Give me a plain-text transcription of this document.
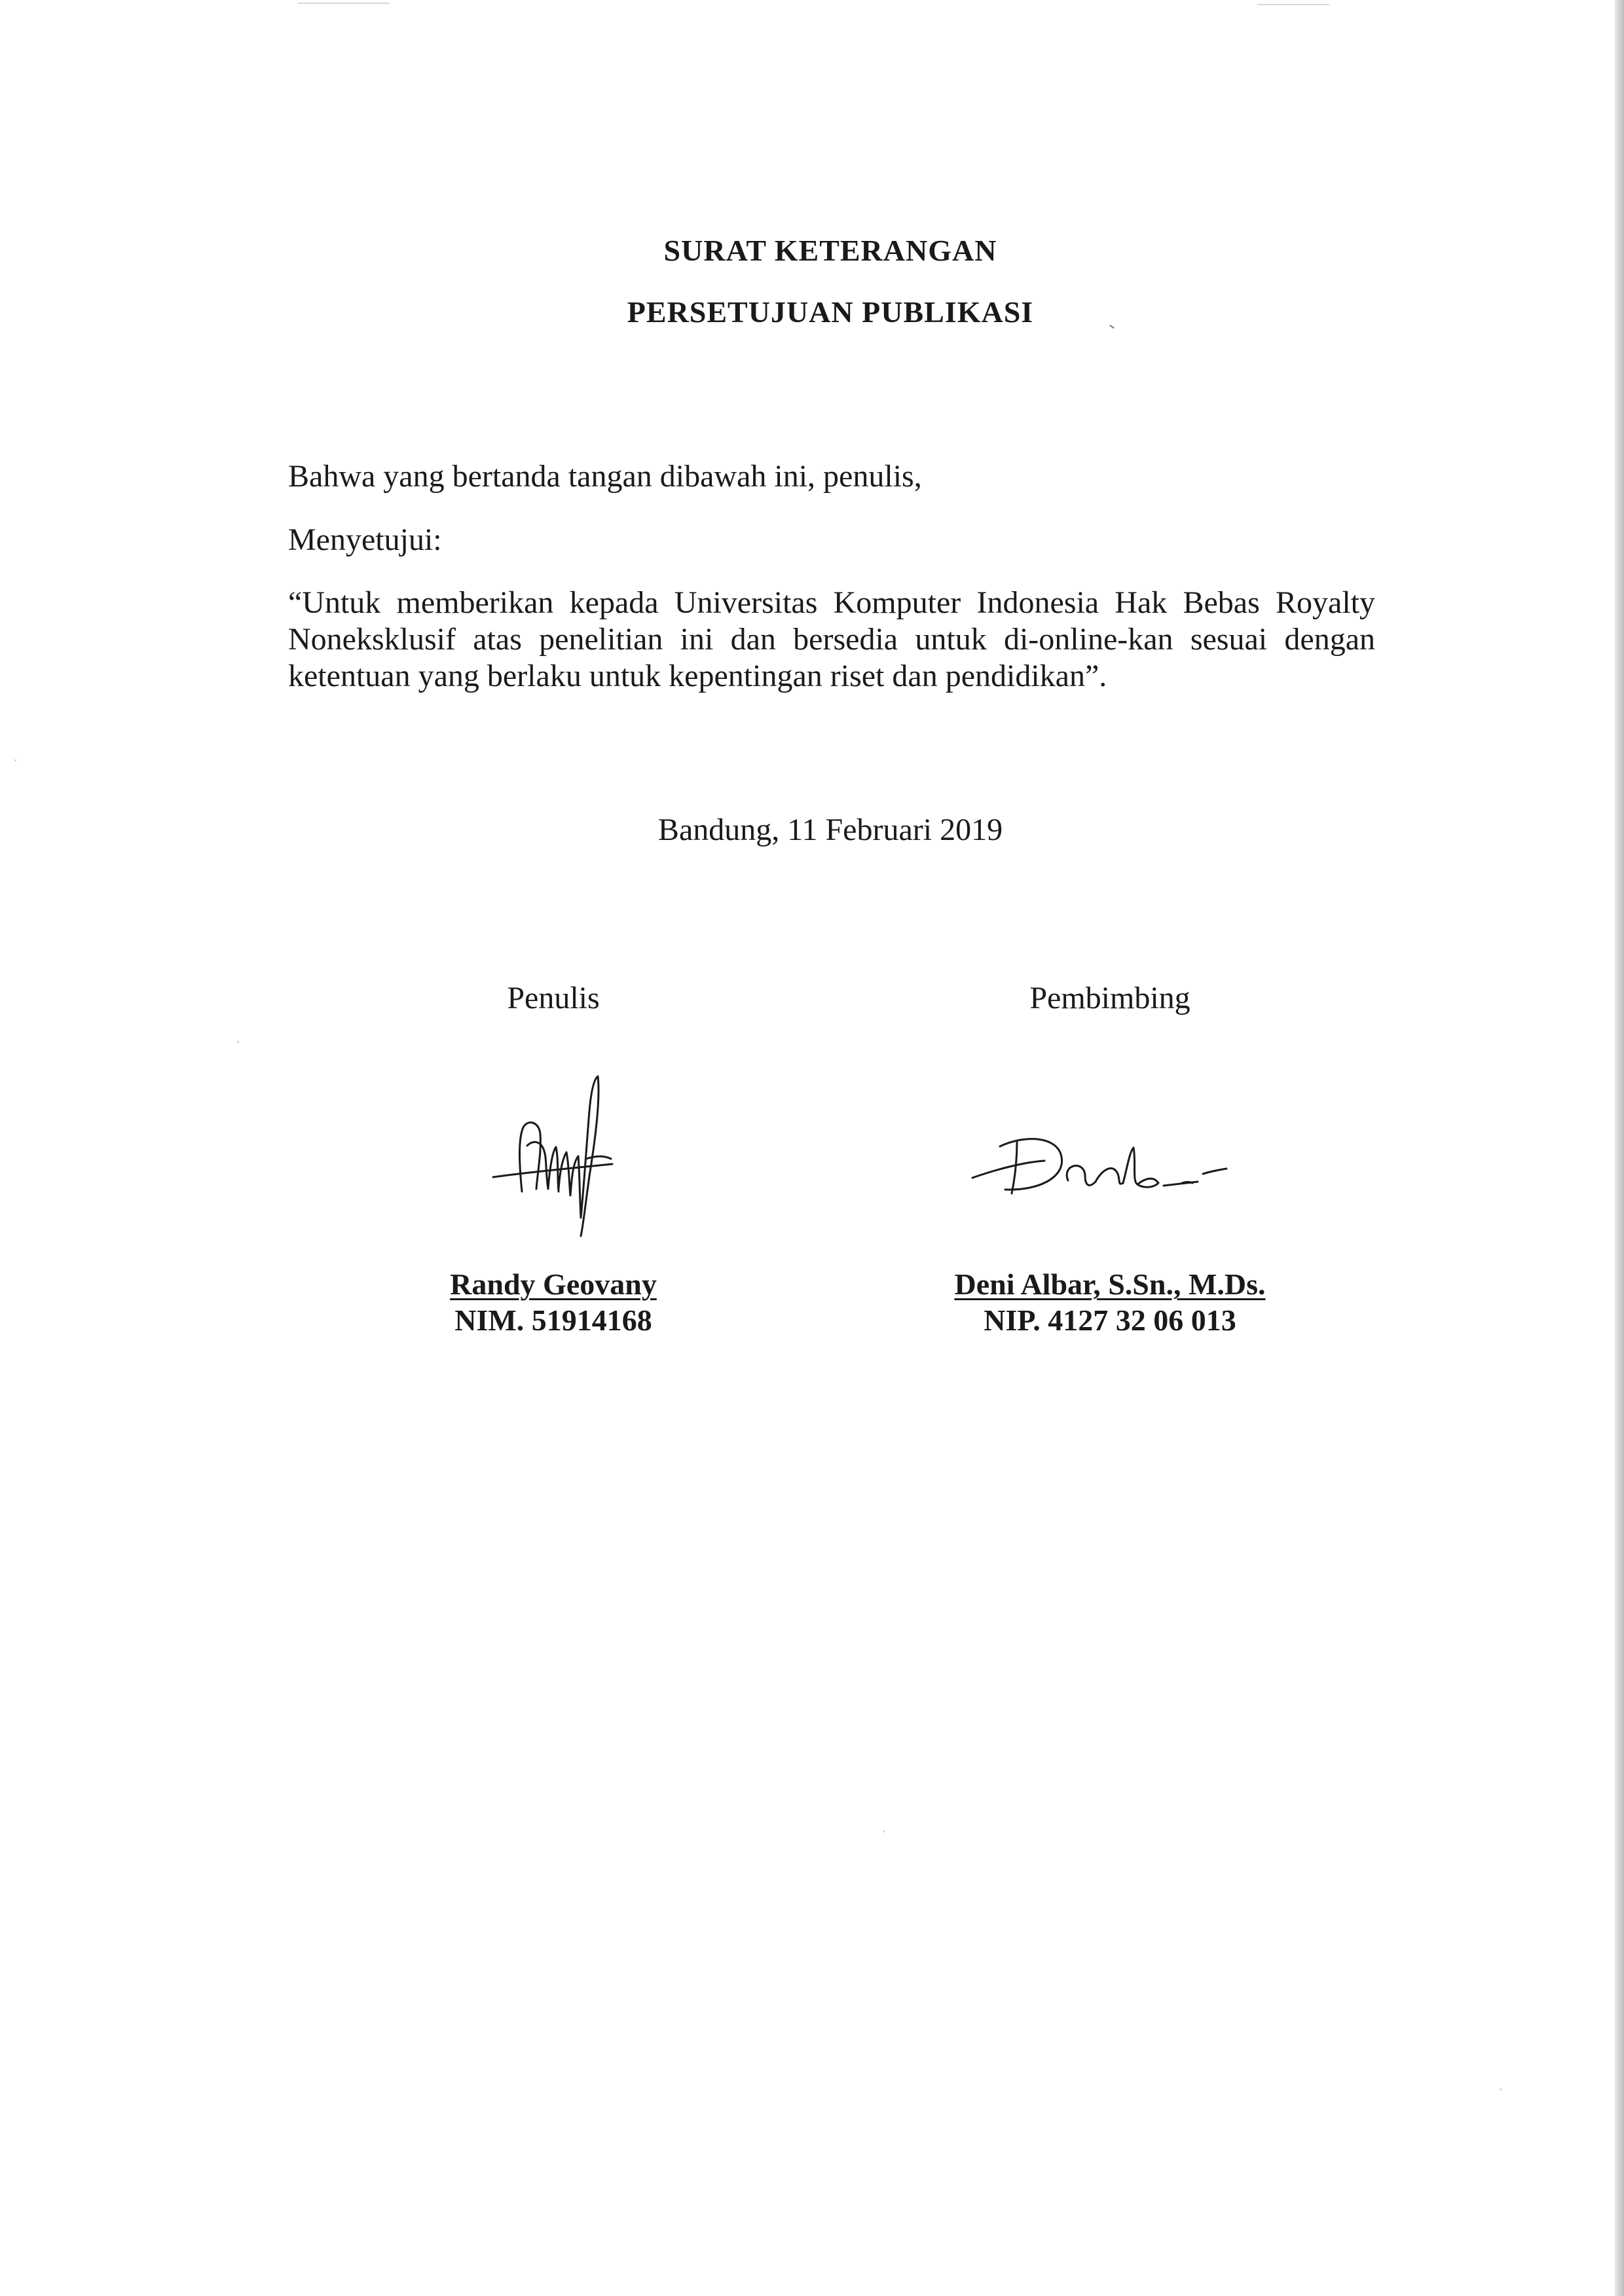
SURAT KETERANGAN
PERSETUJUAN PUBLIKASI
Bahwa yang bertanda tangan dibawah ini, penulis,
Menyetujui:
“Untuk memberikan kepada Universitas Komputer Indonesia Hak Bebas Royalty Noneksklusif atas penelitian ini dan bersedia untuk di-online-kan sesuai dengan ketentuan yang berlaku untuk kepentingan riset dan pendidikan”.
Bandung, 11 Februari 2019
Penulis
Randy Geovany
NIM. 51914168
Pembimbing
Deni Albar, S.Sn., M.Ds.
NIP. 4127 32 06 013
